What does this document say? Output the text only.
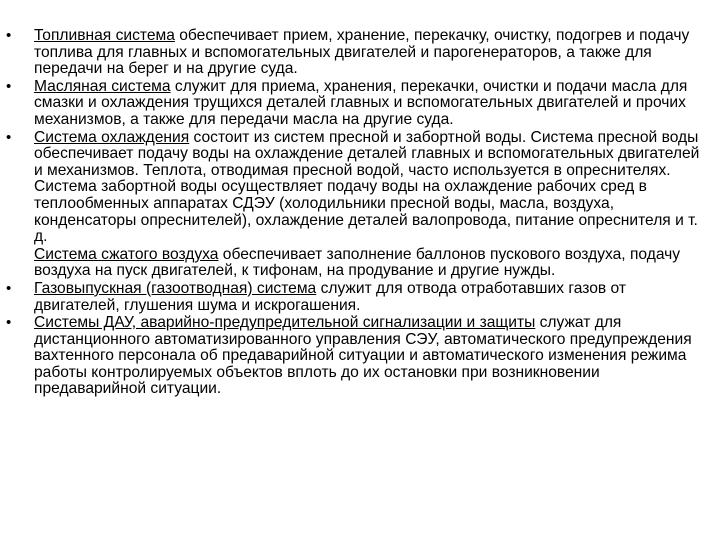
• Топливная система обеспечивает прием, хранение, перекачку, очистку, подогрев и подачу топлива для главных и вспомогательных двигателей и парогенераторов, а также для передачи на берег и на другие суда.
• Масляная система служит для приема, хранения, перекачки, очистки и подачи масла для смазки и охлаждения трущихся деталей главных и вспомогательных двигателей и прочих механизмов, а также для передачи масла на другие суда.
• Система охлаждения состоит из систем пресной и забортной воды. Система пресной воды обеспечивает подачу воды на охлаждение деталей главных и вспомогательных двигателей и механизмов. Теплота, отводимая пресной водой, часто используется в опреснителях. Система забортной воды осуществляет подачу воды на охлаждение рабочих сред в теплообменных аппаратах СДЭУ (холодильники пресной воды, масла, воздуха, конденсаторы опреснителей), охлаждение деталей валопровода, питание опреснителя и т. д.
Система сжатого воздуха обеспечивает заполнение баллонов пускового воздуха, подачу воздуха на пуск двигателей, к тифонам, на продувание и другие нужды.
• Газовыпускная (газоотводная) система служит для отвода отработавших газов от двигателей, глушения шума и искрогашения.
• Системы ДАУ, аварийно-предупредительной сигнализации и защиты служат для дистанционного автоматизированного управления СЭУ, автоматического предупреждения вахтенного персонала об предаварийной ситуации и автоматического изменения режима работы контролируемых объектов вплоть до их остановки при возникновении предаварийной ситуации.
